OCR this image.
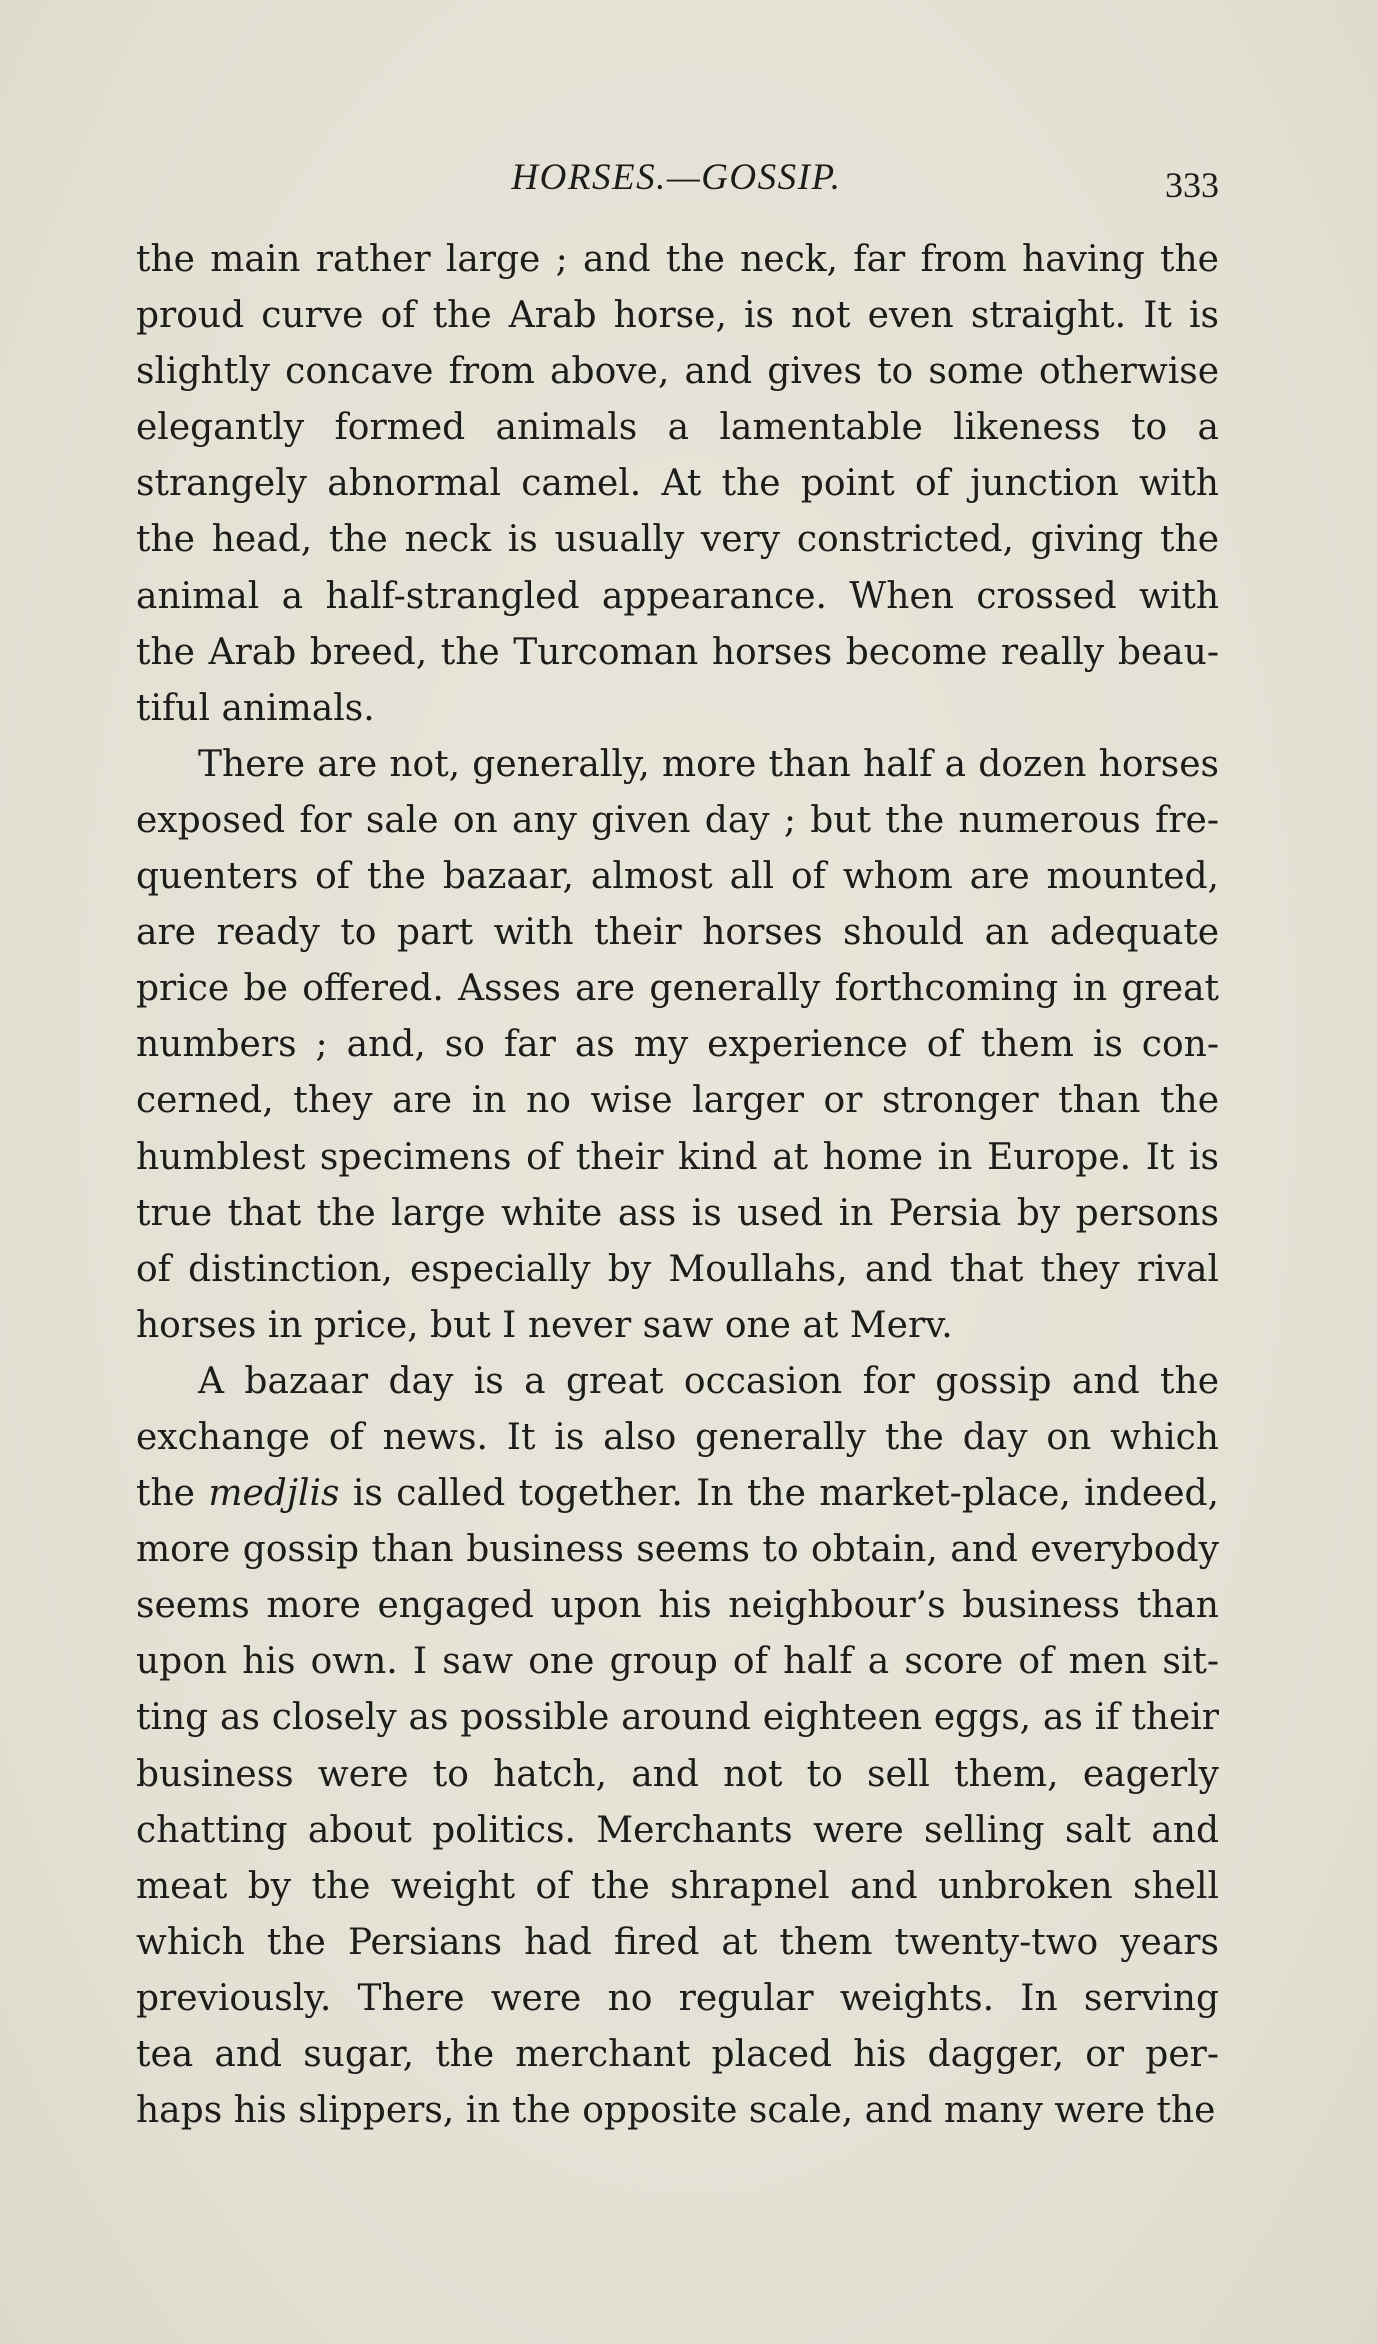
HORSES.—GOSSIP.	333
the main rather large ; and the neck, far from having the
proud curve of the Arab horse, is not even straight. It is
slightly concave from above, and gives to some otherwise
elegantly formed animals a lamentable likeness to a
strangely abnormal camel. At the point of junction with
the head, the neck is usually very constricted, giving the
animal a half-strangled appearance. When crossed with
the Arab breed, the Turcoman horses become really beau-
tiful animals.
There are not, generally, more than half a dozen horses
exposed for sale on any given day ; but the numerous fre-
quenters of the bazaar, almost all of whom are mounted,
are ready to part with their horses should an adequate
price be offered. Asses are generally forthcoming in great
numbers ; and, so far as my experience of them is con-
cerned, they are in no wise larger or stronger than the
humblest specimens of their kind at home in Europe. It is
true that the large white ass is used in Persia by persons
of distinction, especially by Moullahs, and that they rival
horses in price, but I never saw one at Merv.
A bazaar day is a great occasion for gossip and the
exchange of news. It is also generally the day on which
the medjlis is called together. In the market-place, indeed,
more gossip than business seems to obtain, and everybody
seems more engaged upon his neighbour’s business than
upon his own. I saw one group of half a score of men sit-
ting as closely as possible around eighteen eggs, as if their
business were to hatch, and not to sell them, eagerly
chatting about politics. Merchants were selling salt and
meat by the weight of the shrapnel and unbroken shell
which the Persians had fired at them twenty-two years
previously. There were no regular weights. In serving
tea and sugar, the merchant placed his dagger, or per-
haps his slippers, in the opposite scale, and many were the
